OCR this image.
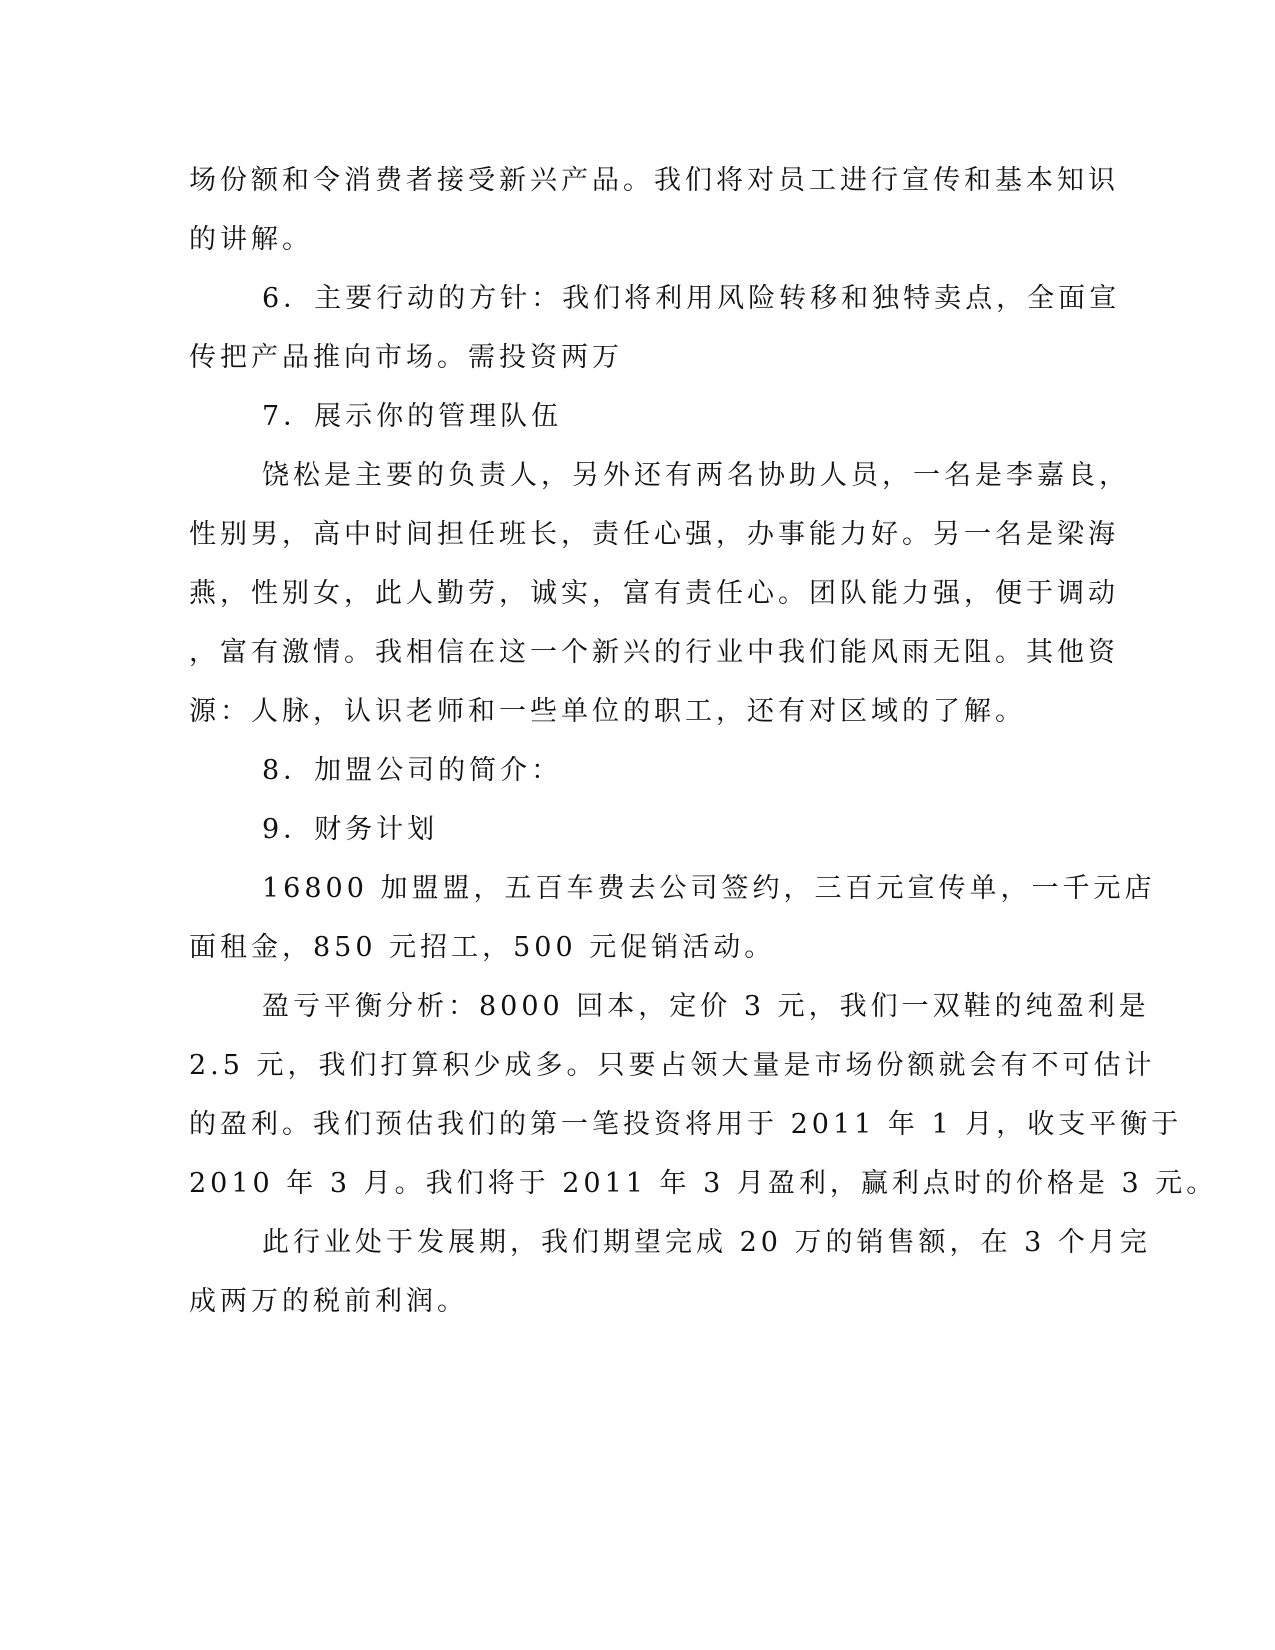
场份额和令消费者接受新兴产品。我们将对员工进行宣传和基本知识
的讲解。
6．主要行动的方针：我们将利用风险转移和独特卖点，全面宣
传把产品推向市场。需投资两万
7．展示你的管理队伍
饶松是主要的负责人，另外还有两名协助人员，一名是李嘉良，
性别男，高中时间担任班长，责任心强，办事能力好。另一名是梁海
燕，性别女，此人勤劳，诚实，富有责任心。团队能力强，便于调动
，富有激情。我相信在这一个新兴的行业中我们能风雨无阻。其他资
源：人脉，认识老师和一些单位的职工，还有对区域的了解。
8．加盟公司的简介：
9．财务计划
16800 加盟盟，五百车费去公司签约，三百元宣传单，一千元店
面租金，850 元招工，500 元促销活动。
盈亏平衡分析：8000 回本，定价 3 元，我们一双鞋的纯盈利是
2.5 元，我们打算积少成多。只要占领大量是市场份额就会有不可估计
的盈利。我们预估我们的第一笔投资将用于 2011 年 1 月，收支平衡于
2010 年 3 月。我们将于 2011 年 3 月盈利，赢利点时的价格是 3 元。
此行业处于发展期，我们期望完成 20 万的销售额，在 3 个月完
成两万的税前利润。
